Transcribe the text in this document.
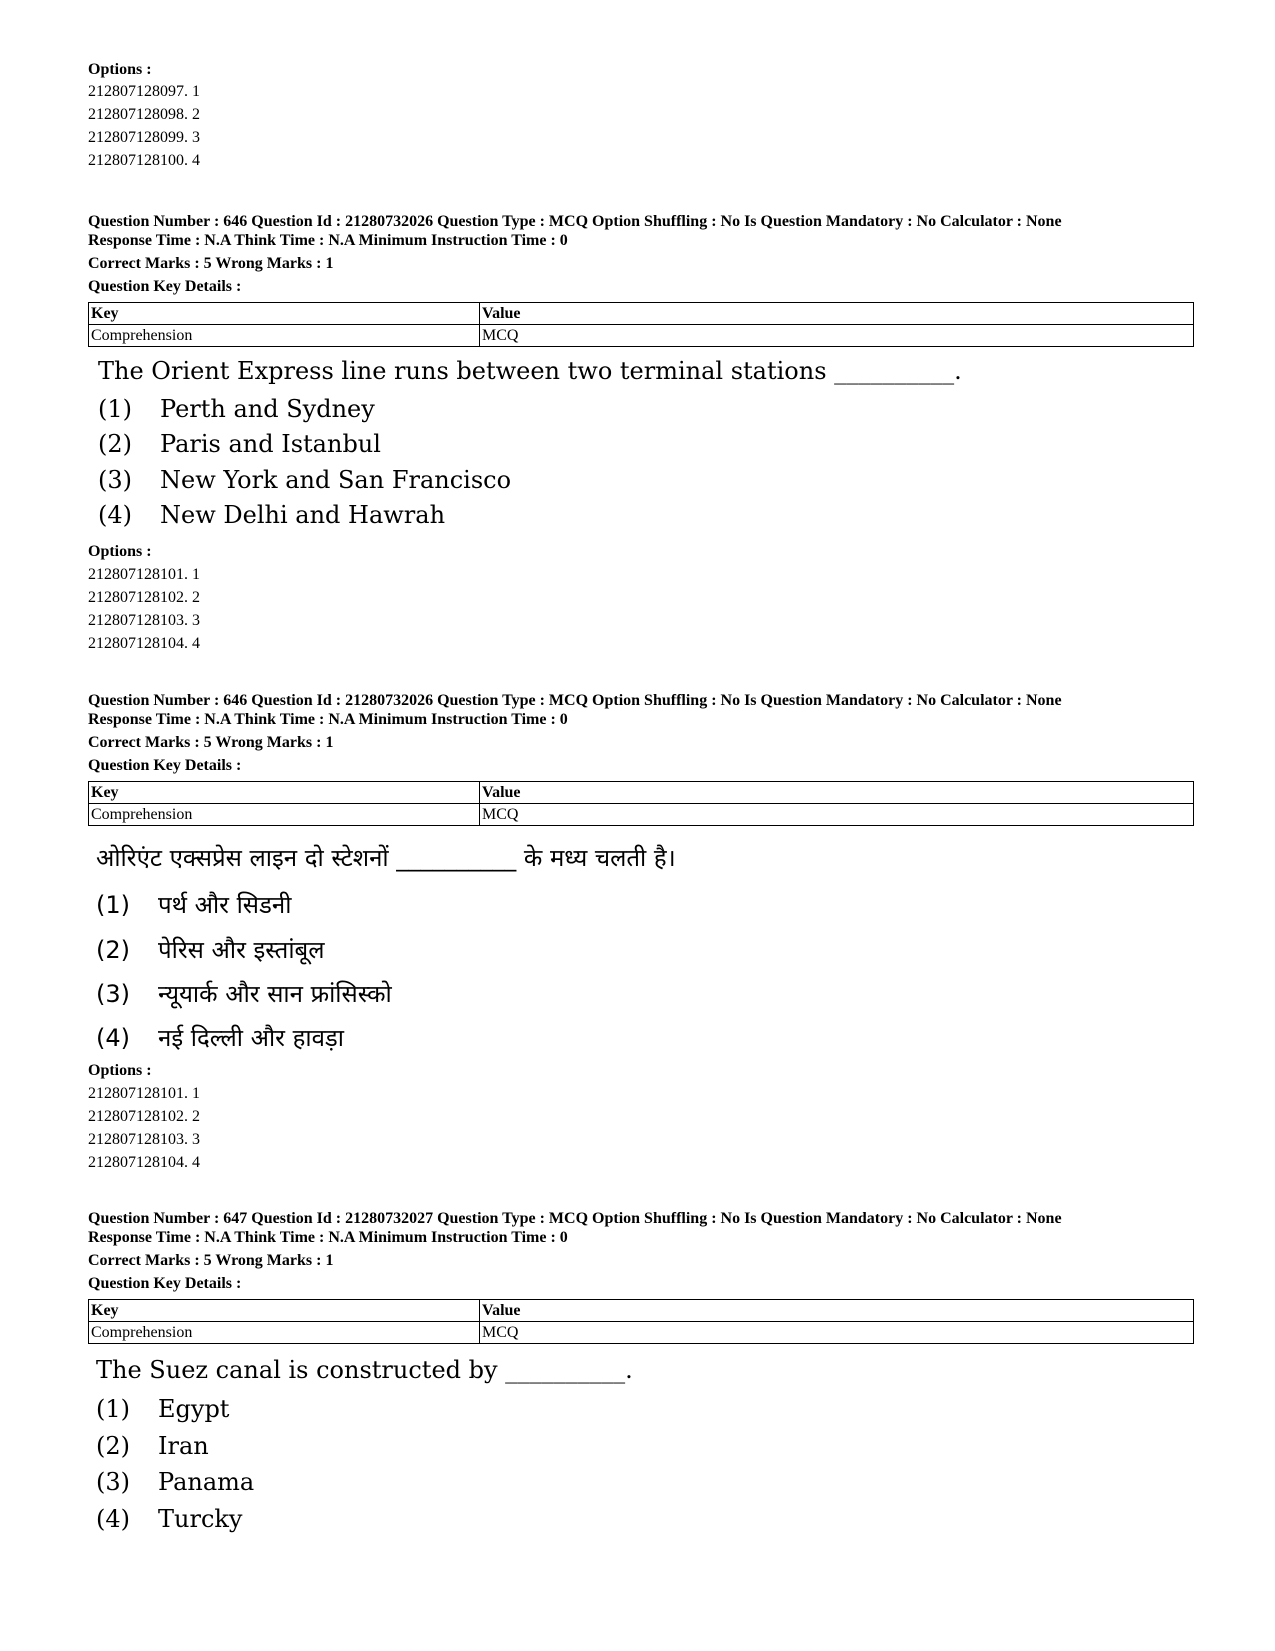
Options :
212807128097. 1
212807128098. 2
212807128099. 3
212807128100. 4
Question Number : 646 Question Id : 21280732026 Question Type : MCQ Option Shuffling : No Is Question Mandatory : No Calculator : None
Response Time : N.A Think Time : N.A Minimum Instruction Time : 0
Correct Marks : 5 Wrong Marks : 1
Question Key Details :
Key	Value
Comprehension	MCQ
The Orient Express line runs between two terminal stations __________.
(1) Perth and Sydney
(2) Paris and Istanbul
(3) New York and San Francisco
(4) New Delhi and Hawrah
Options :
212807128101. 1
212807128102. 2
212807128103. 3
212807128104. 4
Question Number : 646 Question Id : 21280732026 Question Type : MCQ Option Shuffling : No Is Question Mandatory : No Calculator : None
Response Time : N.A Think Time : N.A Minimum Instruction Time : 0
Correct Marks : 5 Wrong Marks : 1
Question Key Details :
Key	Value
Comprehension	MCQ
ओरिएंट एक्सप्रेस लाइन दो स्टेशनों __________ के मध्य चलती है।
(1) पर्थ और सिडनी
(2) पेरिस और इस्तांबूल
(3) न्यूयार्क और सान फ्रांसिस्को
(4) नई दिल्ली और हावड़ा
Options :
212807128101. 1
212807128102. 2
212807128103. 3
212807128104. 4
Question Number : 647 Question Id : 21280732027 Question Type : MCQ Option Shuffling : No Is Question Mandatory : No Calculator : None
Response Time : N.A Think Time : N.A Minimum Instruction Time : 0
Correct Marks : 5 Wrong Marks : 1
Question Key Details :
Key	Value
Comprehension	MCQ
The Suez canal is constructed by __________.
(1) Egypt
(2) Iran
(3) Panama
(4) Turcky
